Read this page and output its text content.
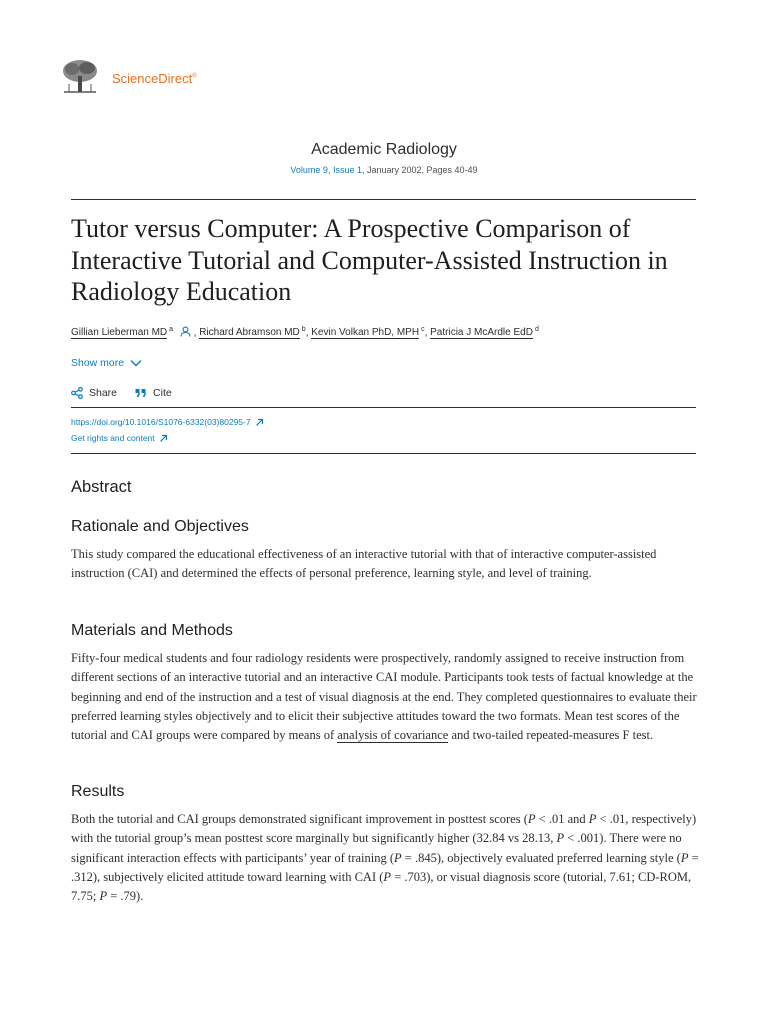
ScienceDirect®
Academic Radiology
Volume 9, Issue 1, January 2002, Pages 40-49
Tutor versus Computer: A Prospective Comparison of Interactive Tutorial and Computer-Assisted Instruction in Radiology Education
Gillian Lieberman MD $^a$  , Richard Abramson MD $^b$, Kevin Volkan PhD, MPH $^c$, Patricia J McArdle EdD $^d$
Show more
Share	Cite
https://doi.org/10.1016/S1076-6332(03)80295-7
Get rights and content
Abstract
Rationale and Objectives

This study compared the educational effectiveness of an interactive tutorial with that of interactive computer-assisted instruction (CAI) and determined the effects of personal preference, learning style, and level of training.

Materials and Methods

Fifty-four medical students and four radiology residents were prospectively, randomly assigned to receive instruction from different sections of an interactive tutorial and an interactive CAI module. Participants took tests of factual knowledge at the beginning and end of the instruction and a test of visual diagnosis at the end. They completed questionnaires to evaluate their preferred learning styles objectively and to elicit their subjective attitudes toward the two formats. Mean test scores of the tutorial and CAI groups were compared by means of analysis of covariance and two-tailed repeated-measures F test.

Results

Both the tutorial and CAI groups demonstrated significant improvement in posttest scores (P < .01 and P < .01, respectively) with the tutorial group’s mean posttest score marginally but significantly higher (32.84 vs 28.13, P < .001). There were no significant interaction effects with participants’ year of training (P = .845), objectively evaluated preferred learning style (P = .312), subjectively elicited attitude toward learning with CAI (P = .703), or visual diagnosis score (tutorial, 7.61; CD-ROM, 7.75; P = .79).
